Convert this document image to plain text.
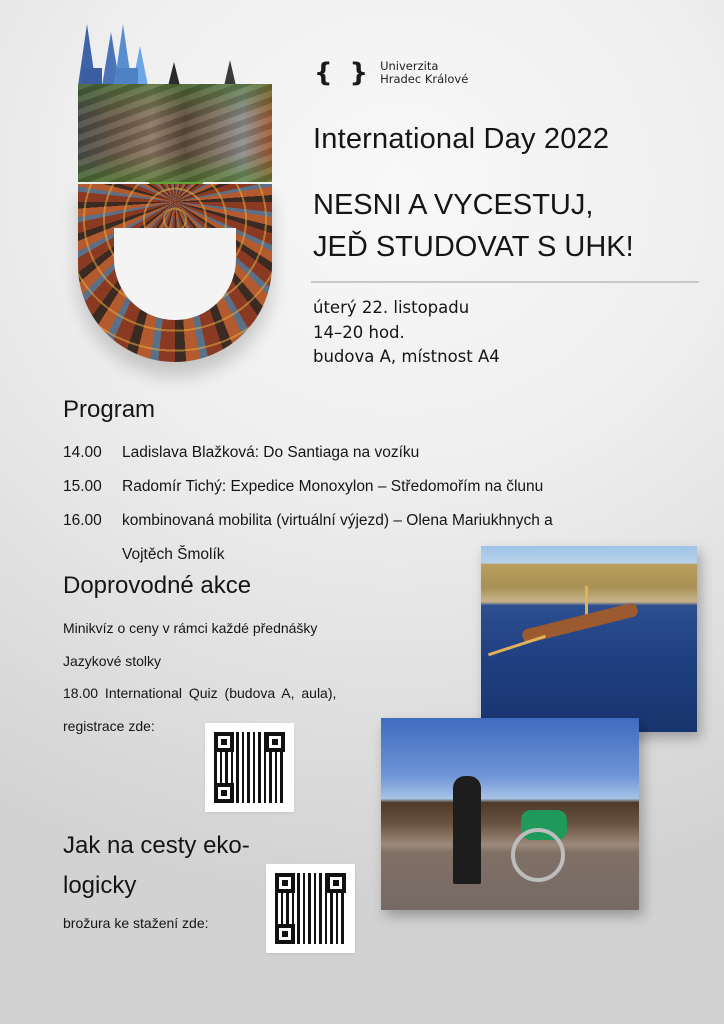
{ } Univerzita
Hradec Králové
International Day 2022
NESNI A VYCESTUJ,
JEĎ STUDOVAT S UHK!
úterý 22. listopadu
14–20 hod.
budova A, místnost A4
Program
14.00	Ladislava Blažková: Do Santiaga na vozíku
15.00	Radomír Tichý: Expedice Monoxylon – Středomořím na člunu
16.00	kombinovaná mobilita (virtuální výjezd) – Olena Mariukhnych a
Vojtěch Šmolík
Doprovodné akce
Minikvíz o ceny v rámci každé přednášky
Jazykové stolky
18.00 International Quiz (budova A, aula),
registrace zde:
Jak na cesty eko-
logicky
brožura ke stažení zde:
